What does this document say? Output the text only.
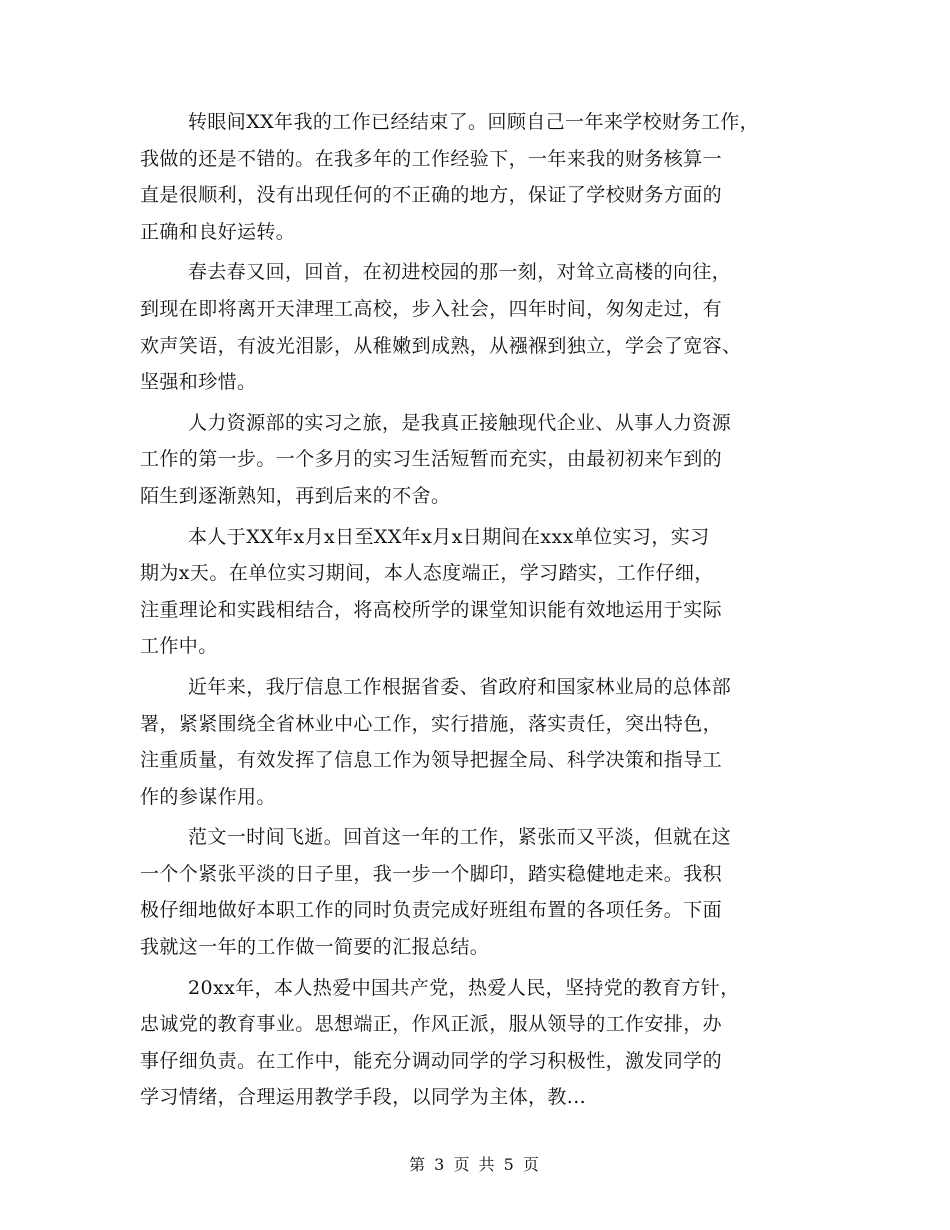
转眼间XX年我的工作已经结束了。回顾自己一年来学校财务工作，
我做的还是不错的。在我多年的工作经验下，一年来我的财务核算一
直是很顺利，没有出现任何的不正确的地方，保证了学校财务方面的
正确和良好运转。
春去春又回，回首，在初进校园的那一刻，对耸立高楼的向往，
到现在即将离开天津理工高校，步入社会，四年时间，匆匆走过，有
欢声笑语，有波光泪影，从稚嫩到成熟，从襁褓到独立，学会了宽容、
坚强和珍惜。
人力资源部的实习之旅，是我真正接触现代企业、从事人力资源
工作的第一步。一个多月的实习生活短暂而充实，由最初初来乍到的
陌生到逐渐熟知，再到后来的不舍。
本人于XX年x月x日至XX年x月x日期间在xxx单位实习，实习
期为x天。在单位实习期间，本人态度端正，学习踏实，工作仔细，
注重理论和实践相结合，将高校所学的课堂知识能有效地运用于实际
工作中。
近年来，我厅信息工作根据省委、省政府和国家林业局的总体部
署，紧紧围绕全省林业中心工作，实行措施，落实责任，突出特色，
注重质量，有效发挥了信息工作为领导把握全局、科学决策和指导工
作的参谋作用。
范文一时间飞逝。回首这一年的工作，紧张而又平淡，但就在这
一个个紧张平淡的日子里，我一步一个脚印，踏实稳健地走来。我积
极仔细地做好本职工作的同时负责完成好班组布置的各项任务。下面
我就这一年的工作做一简要的汇报总结。
20xx年，本人热爱中国共产党，热爱人民，坚持党的教育方针，
忠诚党的教育事业。思想端正，作风正派，服从领导的工作安排，办
事仔细负责。在工作中，能充分调动同学的学习积极性，激发同学的
学习情绪，合理运用教学手段，以同学为主体，教...
第 3 页 共 5 页
